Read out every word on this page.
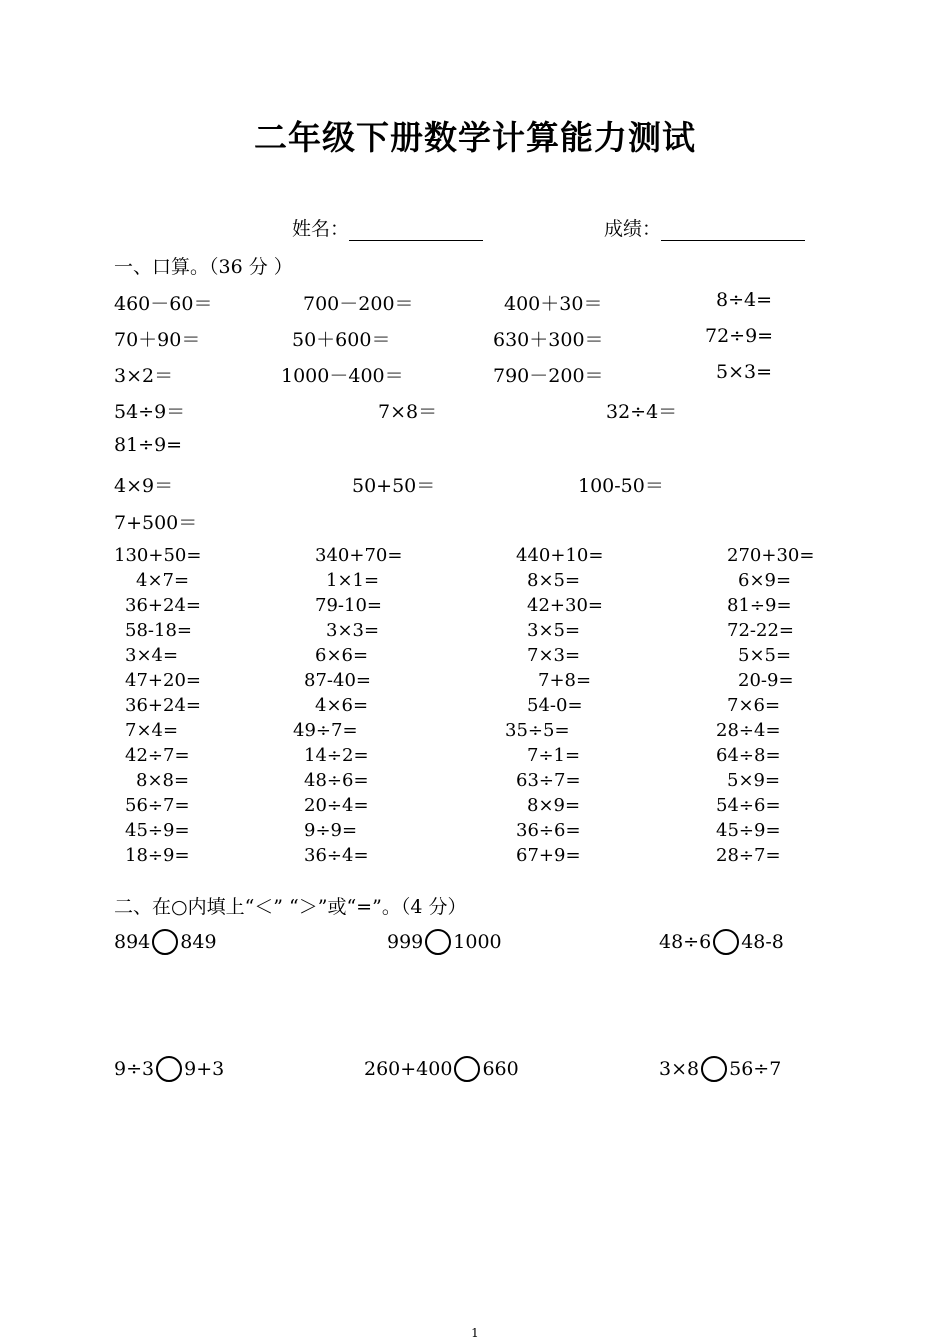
二年级下册数学计算能力测试
姓名：	成绩：
一、口算。（36 分 ）
460－60＝	700－200＝	400＋30＝	8÷4=
70＋90＝	50＋600＝	630＋300＝	72÷9=
3×2＝	1000－400＝	790－200＝	5×3=
54÷9＝	7×8＝	32÷4＝
81÷9=
4×9＝	50+50＝	100-50＝
7+500＝
130+50=	340+70=	440+10=	270+30=
4×7=	1×1=	8×5=	6×9=
36+24=	79-10=	42+30=	81÷9=
58-18=	3×3=	3×5=	72-22=
3×4=	6×6=	7×3=	5×5=
47+20=	87-40=	7+8=	20-9=
36+24=	4×6=	54-0=	7×6=
7×4=	49÷7=	35÷5=	28÷4=
42÷7=	14÷2=	7÷1=	64÷8=
8×8=	48÷6=	63÷7=	5×9=
56÷7=	20÷4=	8×9=	54÷6=
45÷9=	9÷9=	36÷6=	45÷9=
18÷9=	36÷4=	67+9=	28÷7=
二、在○内填上“＜” “＞”或“=”。（4 分）
894 849	999 1000	48÷6 48-8
9÷3 9+3	260+400 660	3×8 56÷7
1
